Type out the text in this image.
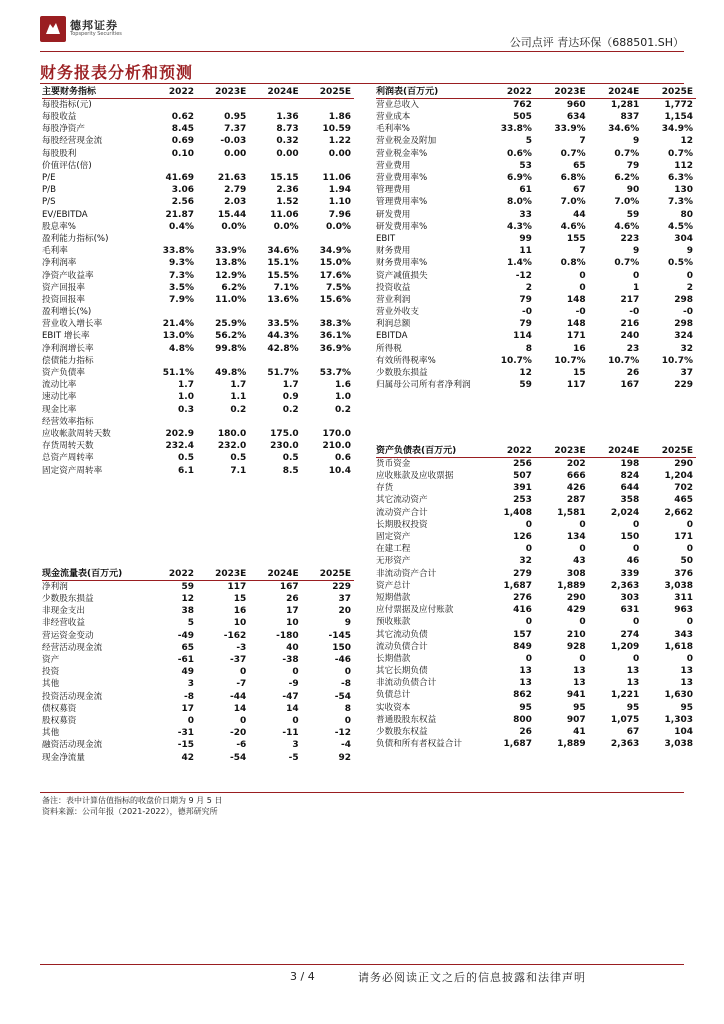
德邦证券
Topsperity Securities
公司点评 青达环保（688501.SH）
财务报表分析和预测
主要财务指标	2022	2023E	2024E	2025E
每股指标(元)				
每股收益	0.62	0.95	1.36	1.86
每股净资产	8.45	7.37	8.73	10.59
每股经营现金流	0.69	-0.03	0.32	1.22
每股股利	0.10	0.00	0.00	0.00
价值评估(倍)				
P/E	41.69	21.63	15.15	11.06
P/B	3.06	2.79	2.36	1.94
P/S	2.56	2.03	1.52	1.10
EV/EBITDA	21.87	15.44	11.06	7.96
股息率%	0.4%	0.0%	0.0%	0.0%
盈利能力指标(%)				
毛利率	33.8%	33.9%	34.6%	34.9%
净利润率	9.3%	13.8%	15.1%	15.0%
净资产收益率	7.3%	12.9%	15.5%	17.6%
资产回报率	3.5%	6.2%	7.1%	7.5%
投资回报率	7.9%	11.0%	13.6%	15.6%
盈利增长(%)				
营业收入增长率	21.4%	25.9%	33.5%	38.3%
EBIT 增长率	13.0%	56.2%	44.3%	36.1%
净利润增长率	4.8%	99.8%	42.8%	36.9%
偿债能力指标				
资产负债率	51.1%	49.8%	51.7%	53.7%
流动比率	1.7	1.7	1.7	1.6
速动比率	1.0	1.1	0.9	1.0
现金比率	0.3	0.2	0.2	0.2
经营效率指标				
应收帐款周转天数	202.9	180.0	175.0	170.0
存货周转天数	232.4	232.0	230.0	210.0
总资产周转率	0.5	0.5	0.5	0.6
固定资产周转率	6.1	7.1	8.5	10.4
现金流量表(百万元)	2022	2023E	2024E	2025E
净利润	59	117	167	229
少数股东损益	12	15	26	37
非现金支出	38	16	17	20
非经营收益	5	10	10	9
营运资金变动	-49	-162	-180	-145
经营活动现金流	65	-3	40	150
资产	-61	-37	-38	-46
投资	49	0	0	0
其他	3	-7	-9	-8
投资活动现金流	-8	-44	-47	-54
债权募资	17	14	14	8
股权募资	0	0	0	0
其他	-31	-20	-11	-12
融资活动现金流	-15	-6	3	-4
现金净流量	42	-54	-5	92
利润表(百万元)	2022	2023E	2024E	2025E
营业总收入	762	960	1,281	1,772
营业成本	505	634	837	1,154
毛利率%	33.8%	33.9%	34.6%	34.9%
营业税金及附加	5	7	9	12
营业税金率%	0.6%	0.7%	0.7%	0.7%
营业费用	53	65	79	112
营业费用率%	6.9%	6.8%	6.2%	6.3%
管理费用	61	67	90	130
管理费用率%	8.0%	7.0%	7.0%	7.3%
研发费用	33	44	59	80
研发费用率%	4.3%	4.6%	4.6%	4.5%
EBIT	99	155	223	304
财务费用	11	7	9	9
财务费用率%	1.4%	0.8%	0.7%	0.5%
资产减值损失	-12	0	0	0
投资收益	2	0	1	2
营业利润	79	148	217	298
营业外收支	-0	-0	-0	-0
利润总额	79	148	216	298
EBITDA	114	171	240	324
所得税	8	16	23	32
有效所得税率%	10.7%	10.7%	10.7%	10.7%
少数股东损益	12	15	26	37
归属母公司所有者净利润	59	117	167	229
资产负债表(百万元)	2022	2023E	2024E	2025E
货币资金	256	202	198	290
应收账款及应收票据	507	666	824	1,204
存货	391	426	644	702
其它流动资产	253	287	358	465
流动资产合计	1,408	1,581	2,024	2,662
长期股权投资	0	0	0	0
固定资产	126	134	150	171
在建工程	0	0	0	0
无形资产	32	43	46	50
非流动资产合计	279	308	339	376
资产总计	1,687	1,889	2,363	3,038
短期借款	276	290	303	311
应付票据及应付账款	416	429	631	963
预收账款	0	0	0	0
其它流动负债	157	210	274	343
流动负债合计	849	928	1,209	1,618
长期借款	0	0	0	0
其它长期负债	13	13	13	13
非流动负债合计	13	13	13	13
负债总计	862	941	1,221	1,630
实收资本	95	95	95	95
普通股股东权益	800	907	1,075	1,303
少数股东权益	26	41	67	104
负债和所有者权益合计	1,687	1,889	2,363	3,038
备注：表中计算估值指标的收盘价日期为 9 月 5 日
资料来源：公司年报（2021-2022），德邦研究所
3 / 4	请务必阅读正文之后的信息披露和法律声明
